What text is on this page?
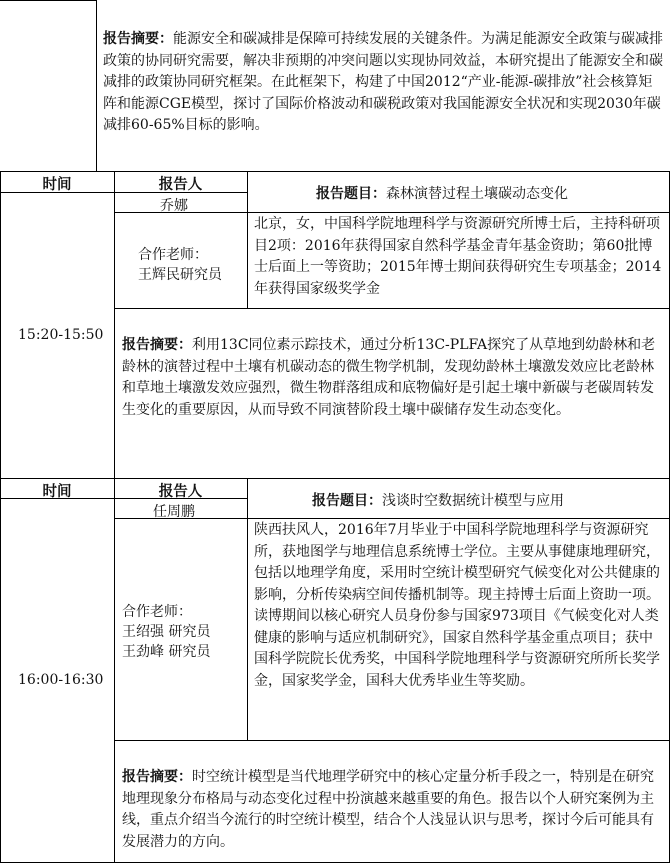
报告摘要：能源安全和碳减排是保障可持续发展的关键条件。为满足能源安全政策与碳减排政策的协同研究需要，解决非预期的冲突问题以实现协同效益，本研究提出了能源安全和碳减排的政策协同研究框架。在此框架下，构建了中国2012“产业-能源-碳排放”社会核算矩阵和能源CGE模型，探讨了国际价格波动和碳税政策对我国能源安全状况和实现2030年碳减排60-65%目标的影响。
时间	报告人
乔娜
报告题目：森林演替过程土壤碳动态变化
合作老师：
王辉民研究员
北京，女，中国科学院地理科学与资源研究所博士后，主持科研项目2项：2016年获得国家自然科学基金青年基金资助；第60批博士后面上一等资助；2015年博士期间获得研究生专项基金；2014年获得国家级奖学金
15:20-15:50
报告摘要：利用13C同位素示踪技术，通过分析13C-PLFA探究了从草地到幼龄林和老龄林的演替过程中土壤有机碳动态的微生物学机制，发现幼龄林土壤激发效应比老龄林和草地土壤激发效应强烈，微生物群落组成和底物偏好是引起土壤中新碳与老碳周转发生变化的重要原因，从而导致不同演替阶段土壤中碳储存发生动态变化。
时间	报告人
任周鹏
报告题目：浅谈时空数据统计模型与应用
合作老师：
王绍强 研究员
王劲峰 研究员
陕西扶风人，2016年7月毕业于中国科学院地理科学与资源研究所，获地图学与地理信息系统博士学位。主要从事健康地理研究，包括以地理学角度，采用时空统计模型研究气候变化对公共健康的影响，分析传染病空间传播机制等。现主持博士后面上资助一项。读博期间以核心研究人员身份参与国家973项目《气候变化对人类健康的影响与适应机制研究》，国家自然科学基金重点项目；获中国科学院院长优秀奖，中国科学院地理科学与资源研究所所长奖学金，国家奖学金，国科大优秀毕业生等奖励。
16:00-16:30
报告摘要：时空统计模型是当代地理学研究中的核心定量分析手段之一，特别是在研究地理现象分布格局与动态变化过程中扮演越来越重要的角色。报告以个人研究案例为主线，重点介绍当今流行的时空统计模型，结合个人浅显认识与思考，探讨今后可能具有发展潜力的方向。
